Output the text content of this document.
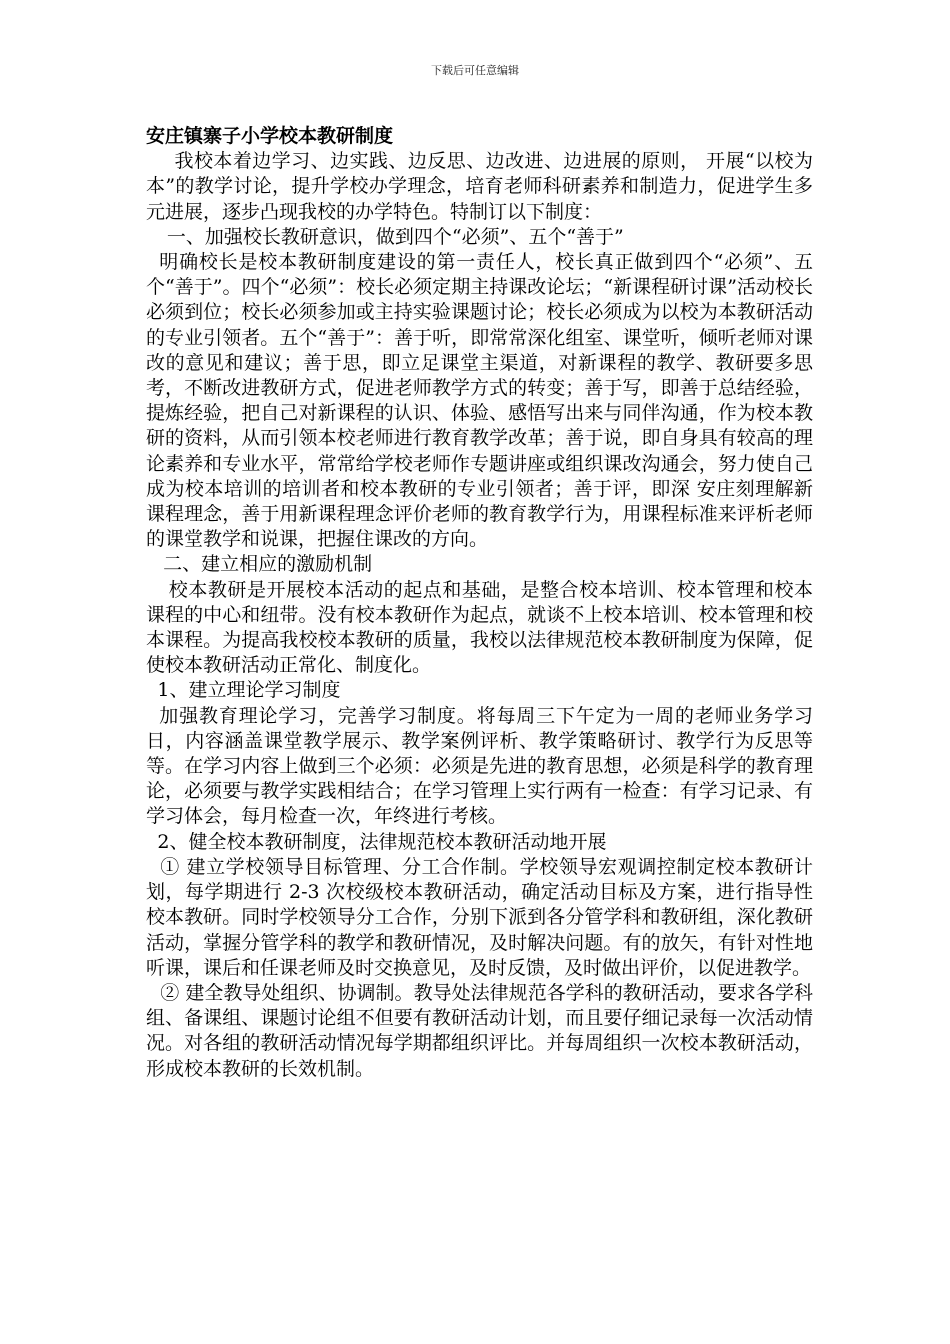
下载后可任意编辑
安庄镇寨子小学校本教研制度

我校本着边学习、边实践、边反思、边改进、边进展的原则， 开展“以校为本”的教学讨论，提升学校办学理念，培育老师科研素养和制造力，促进学生多元进展，逐步凸现我校的办学特色。特制订以下制度：

一、加强校长教研意识，做到四个“必须”、五个“善于”

明确校长是校本教研制度建设的第一责任人，校长真正做到四个“必须”、五个“善于”。四个“必须”：校长必须定期主持课改论坛；“新课程研讨课”活动校长必须到位；校长必须参加或主持实验课题讨论；校长必须成为以校为本教研活动的专业引领者。五个“善于”：善于听，即常常深化组室、课堂听，倾听老师对课改的意见和建议；善于思，即立足课堂主渠道，对新课程的教学、教研要多思考，不断改进教研方式，促进老师教学方式的转变；善于写，即善于总结经验，提炼经验，把自己对新课程的认识、体验、感悟写出来与同伴沟通，作为校本教研的资料，从而引领本校老师进行教育教学改革；善于说，即自身具有较高的理论素养和专业水平，常常给学校老师作专题讲座或组织课改沟通会，努力使自己成为校本培训的培训者和校本教研的专业引领者；善于评，即深 安庄刻理解新课程理念，善于用新课程理念评价老师的教育教学行为，用课程标准来评析老师的课堂教学和说课，把握住课改的方向。

二、建立相应的激励机制

校本教研是开展校本活动的起点和基础，是整合校本培训、校本管理和校本课程的中心和纽带。没有校本教研作为起点，就谈不上校本培训、校本管理和校本课程。为提高我校校本教研的质量，我校以法律规范校本教研制度为保障，促使校本教研活动正常化、制度化。

1、建立理论学习制度

加强教育理论学习，完善学习制度。将每周三下午定为一周的老师业务学习日，内容涵盖课堂教学展示、教学案例评析、教学策略研讨、教学行为反思等等。在学习内容上做到三个必须：必须是先进的教育思想，必须是科学的教育理论，必须要与教学实践相结合；在学习管理上实行两有一检查：有学习记录、有学习体会，每月检查一次，年终进行考核。

2、健全校本教研制度，法律规范校本教研活动地开展

① 建立学校领导目标管理、分工合作制。学校领导宏观调控制定校本教研计划，每学期进行 2-3 次校级校本教研活动，确定活动目标及方案，进行指导性校本教研。同时学校领导分工合作，分别下派到各分管学科和教研组，深化教研活动，掌握分管学科的教学和教研情况，及时解决问题。有的放矢，有针对性地听课，课后和任课老师及时交换意见，及时反馈，及时做出评价，以促进教学。

② 建全教导处组织、协调制。教导处法律规范各学科的教研活动，要求各学科组、备课组、课题讨论组不但要有教研活动计划，而且要仔细记录每一次活动情况。对各组的教研活动情况每学期都组织评比。并每周组织一次校本教研活动，形成校本教研的长效机制。
